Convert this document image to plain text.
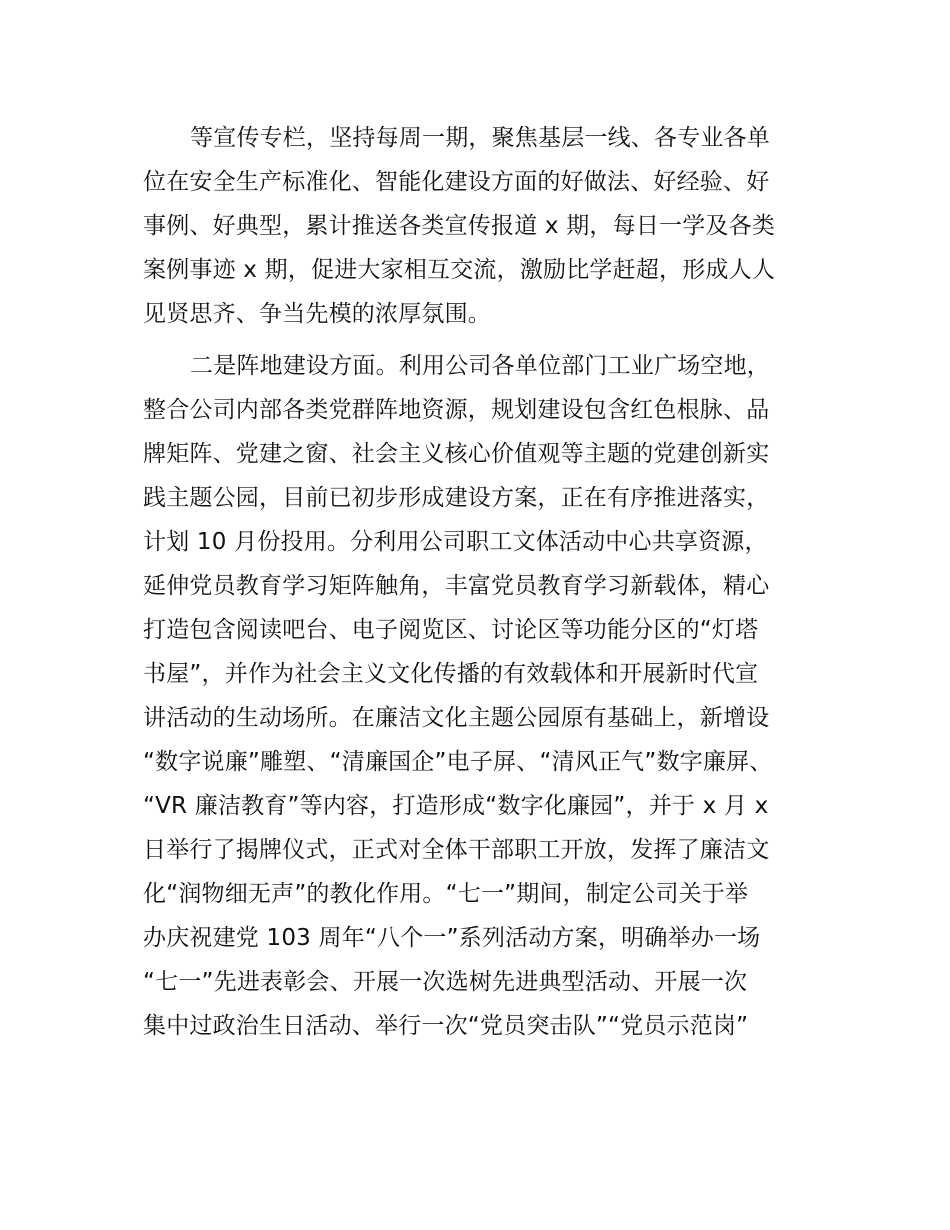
等宣传专栏，坚持每周一期，聚焦基层一线、各专业各单
位在安全生产标准化、智能化建设方面的好做法、好经验、好
事例、好典型，累计推送各类宣传报道 x 期，每日一学及各类
案例事迹 x 期，促进大家相互交流，激励比学赶超，形成人人
见贤思齐、争当先模的浓厚氛围。
二是阵地建设方面。利用公司各单位部门工业广场空地，
整合公司内部各类党群阵地资源，规划建设包含红色根脉、品
牌矩阵、党建之窗、社会主义核心价值观等主题的党建创新实
践主题公园，目前已初步形成建设方案，正在有序推进落实，
计划 10 月份投用。分利用公司职工文体活动中心共享资源，
延伸党员教育学习矩阵触角，丰富党员教育学习新载体，精心
打造包含阅读吧台、电子阅览区、讨论区等功能分区的“灯塔
书屋”，并作为社会主义文化传播的有效载体和开展新时代宣
讲活动的生动场所。在廉洁文化主题公园原有基础上，新增设
“数字说廉”雕塑、“清廉国企”电子屏、“清风正气”数字廉屏、
“VR 廉洁教育”等内容，打造形成“数字化廉园”，并于 x 月 x
日举行了揭牌仪式，正式对全体干部职工开放，发挥了廉洁文
化“润物细无声”的教化作用。“七一”期间，制定公司关于举
办庆祝建党 103 周年“八个一”系列活动方案，明确举办一场
“七一”先进表彰会、开展一次选树先进典型活动、开展一次
集中过政治生日活动、举行一次“党员突击队”“党员示范岗”
